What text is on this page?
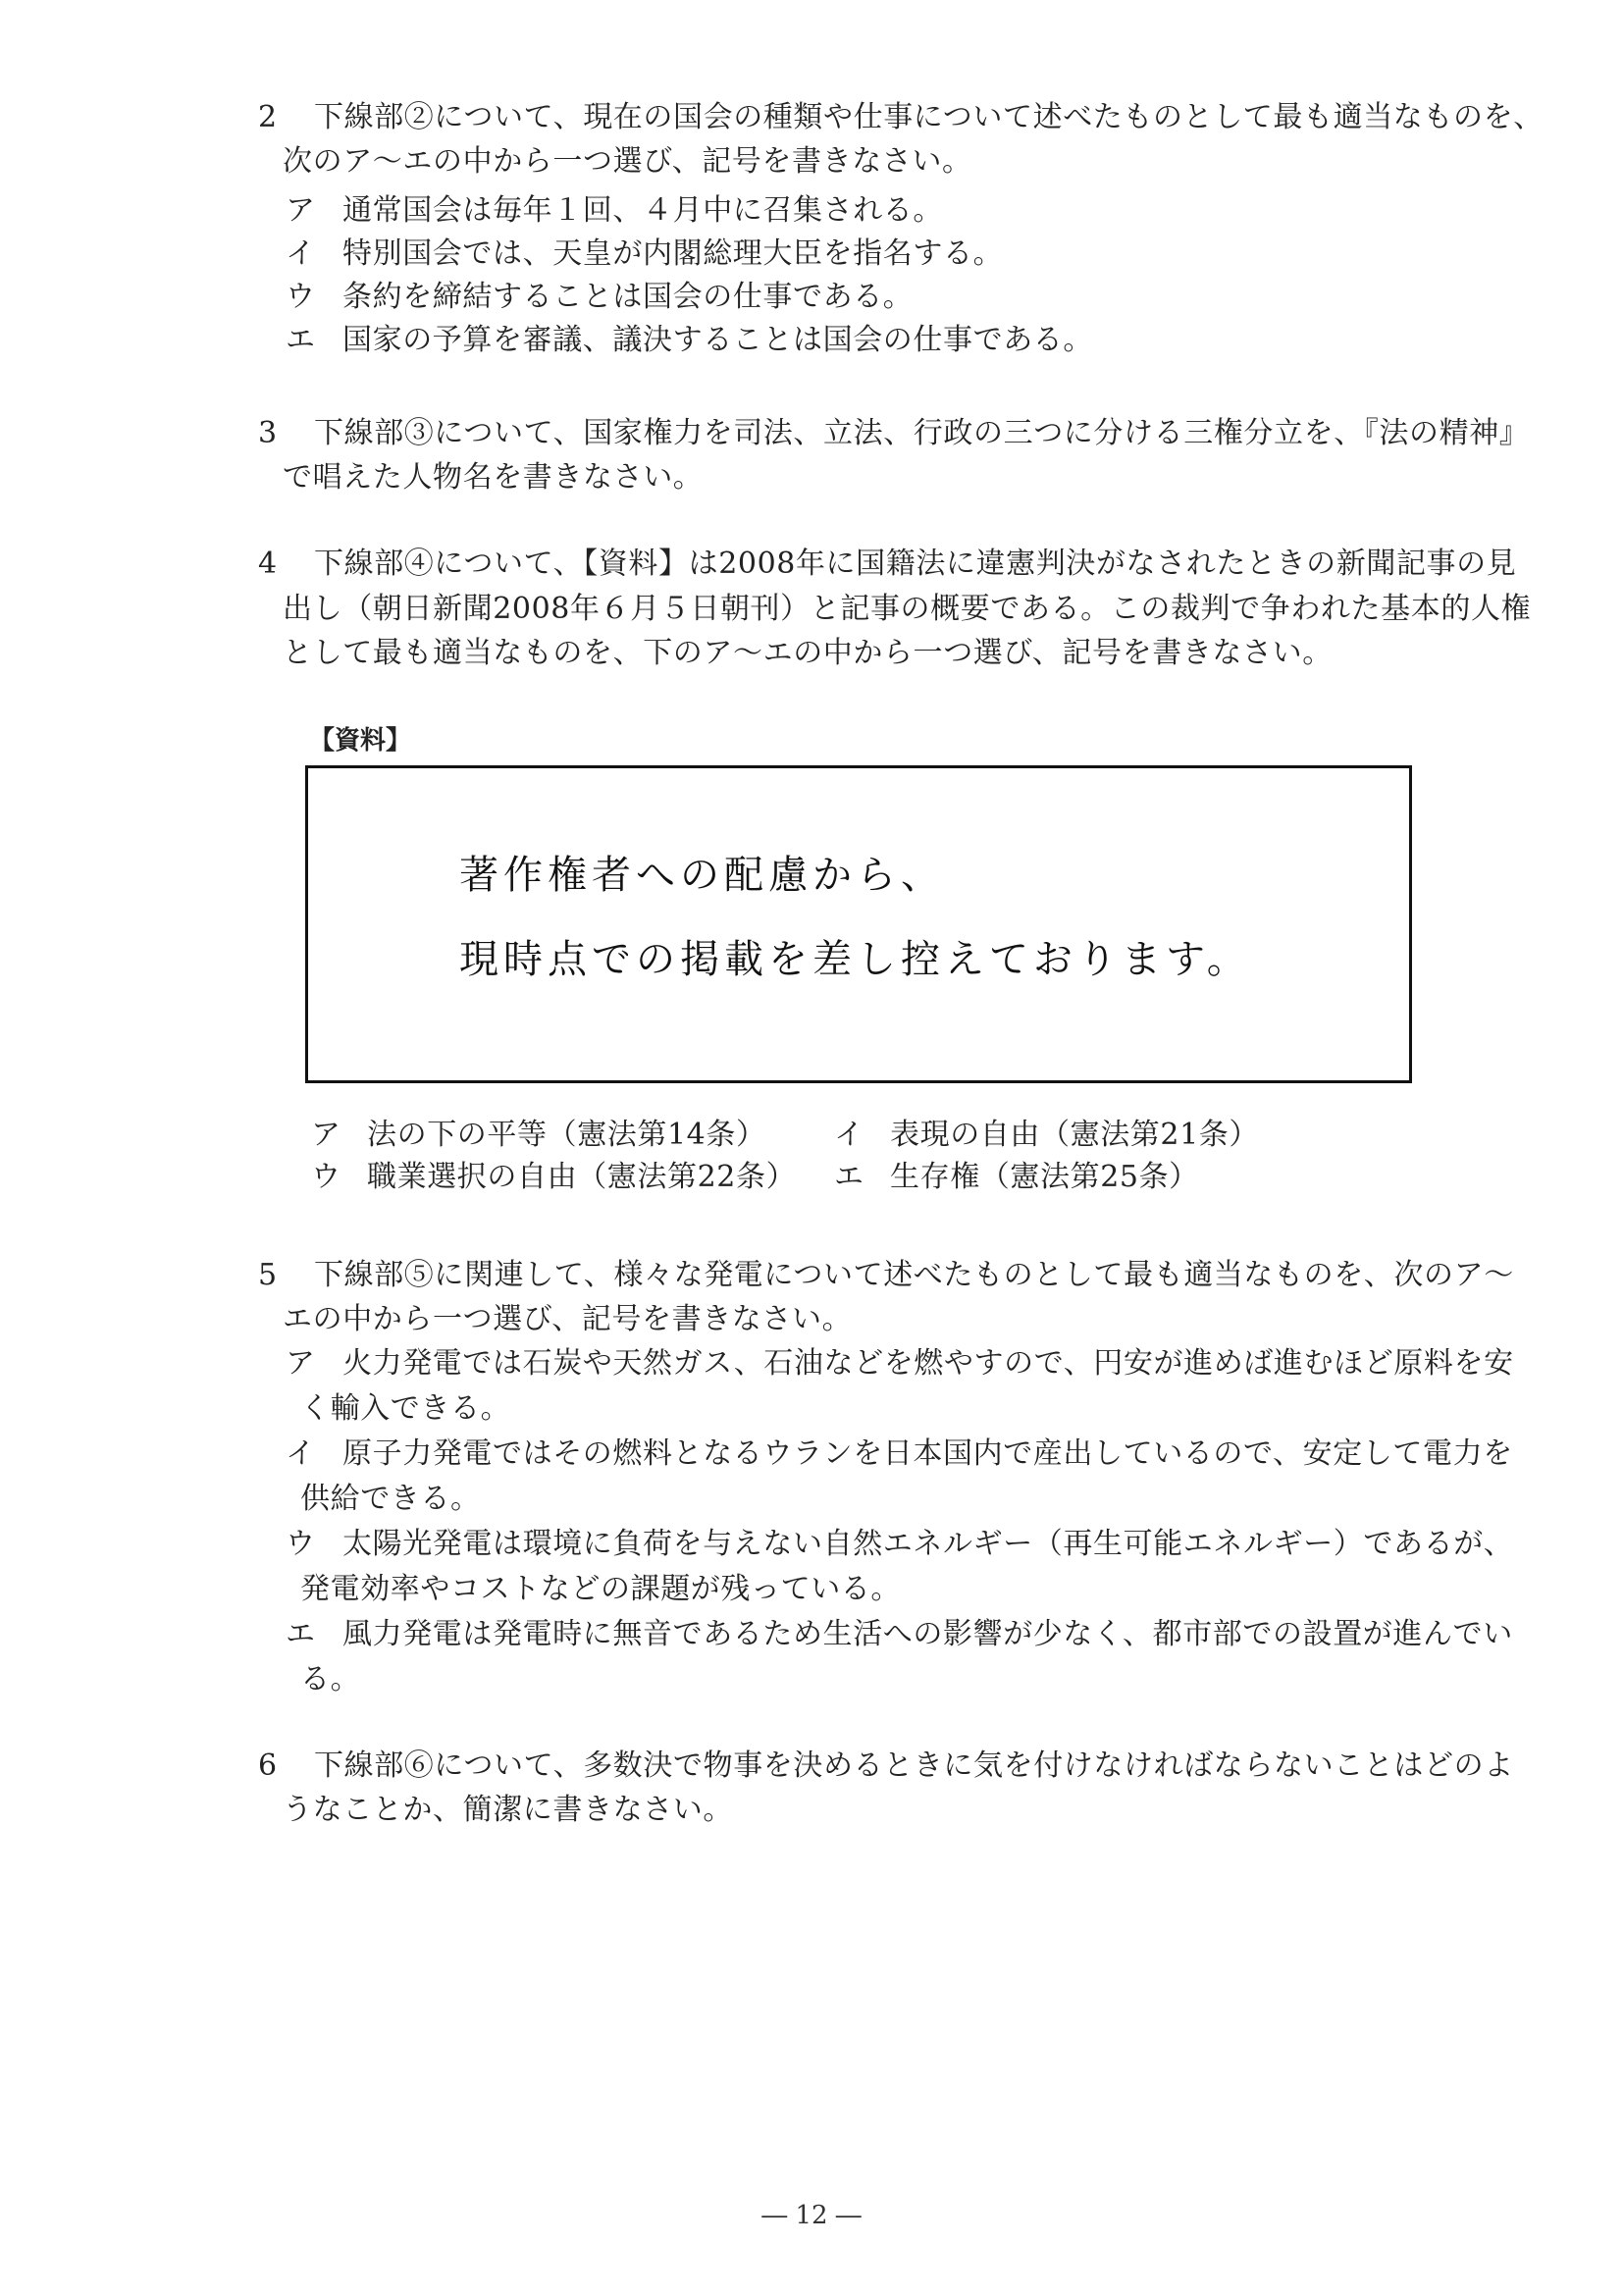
2 下線部②について、現在の国会の種類や仕事について述べたものとして最も適当なものを、
次のア～エの中から一つ選び、記号を書きなさい。
ア 通常国会は毎年１回、４月中に召集される。
イ 特別国会では、天皇が内閣総理大臣を指名する。
ウ 条約を締結することは国会の仕事である。
エ 国家の予算を審議、議決することは国会の仕事である。
3 下線部③について、国家権力を司法、立法、行政の三つに分ける三権分立を、『法の精神』
で唱えた人物名を書きなさい。
4 下線部④について、【資料】は2008年に国籍法に違憲判決がなされたときの新聞記事の見
出し（朝日新聞2008年６月５日朝刊）と記事の概要である。この裁判で争われた基本的人権
として最も適当なものを、下のア～エの中から一つ選び、記号を書きなさい。
【資料】
著作権者への配慮から、
現時点での掲載を差し控えております。
ア 法の下の平等（憲法第14条） イ 表現の自由（憲法第21条）
ウ 職業選択の自由（憲法第22条） エ 生存権（憲法第25条）
5 下線部⑤に関連して、様々な発電について述べたものとして最も適当なものを、次のア～
エの中から一つ選び、記号を書きなさい。
ア 火力発電では石炭や天然ガス、石油などを燃やすので、円安が進めば進むほど原料を安
く輸入できる。
イ 原子力発電ではその燃料となるウランを日本国内で産出しているので、安定して電力を
供給できる。
ウ 太陽光発電は環境に負荷を与えない自然エネルギー（再生可能エネルギー）であるが、
発電効率やコストなどの課題が残っている。
エ 風力発電は発電時に無音であるため生活への影響が少なく、都市部での設置が進んでい
る。
6 下線部⑥について、多数決で物事を決めるときに気を付けなければならないことはどのよ
うなことか、簡潔に書きなさい。
― 12 ―
